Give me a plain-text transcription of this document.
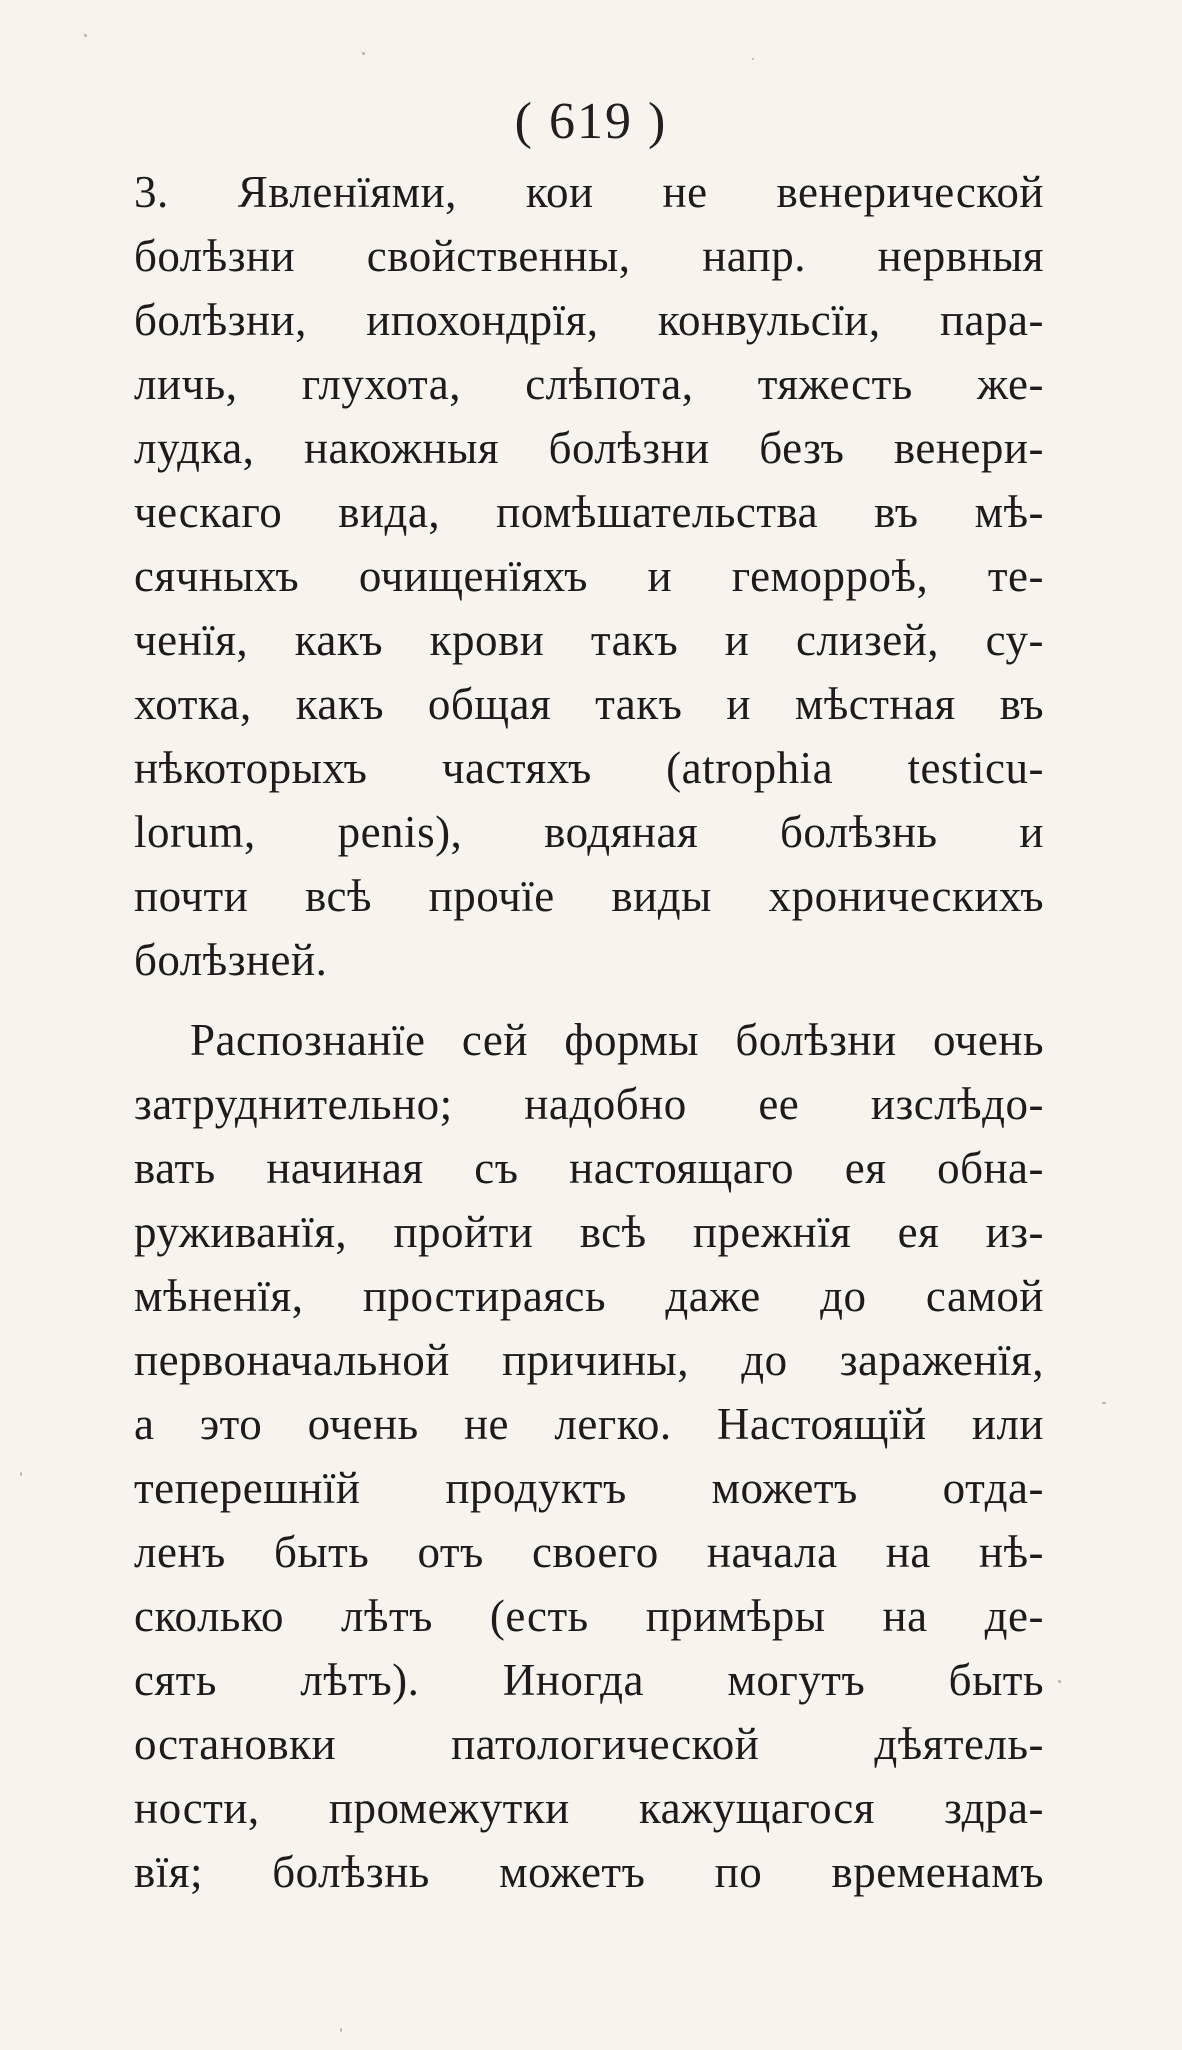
( 619 )
3. Явленїями, кои не венерической
болѣзни свойственны, напр. нервныя
болѣзни, ипохондрїя, конвульсїи, пара-
личь, глухота, слѣпота, тяжесть же-
лудка, накожныя болѣзни безъ венери-
ческаго вида, помѣшательства въ мѣ-
сячныхъ очищенїяхъ и геморроѣ, те-
ченїя, какъ крови такъ и слизей, су-
хотка, какъ общая такъ и мѣстная въ
нѣкоторыхъ частяхъ (atrophia testicu-
lorum, penis), водяная болѣзнь и
почти всѣ прочїе виды хроническихъ
болѣзней.
Распознанїе сей формы болѣзни очень
затруднительно; надобно ее изслѣдо-
вать начиная съ настоящаго ея обна-
руживанїя, пройти всѣ прежнїя ея из-
мѣненїя, простираясь даже до самой
первоначальной причины, до зараженїя,
а это очень не легко. Настоящїй или
теперешнїй продуктъ можетъ отда-
ленъ быть отъ своего начала на нѣ-
сколько лѣтъ (есть примѣры на де-
сять лѣтъ). Иногда могутъ быть
остановки патологической дѣятель-
ности, промежутки кажущагося здра-
вїя; болѣзнь можетъ по временамъ
